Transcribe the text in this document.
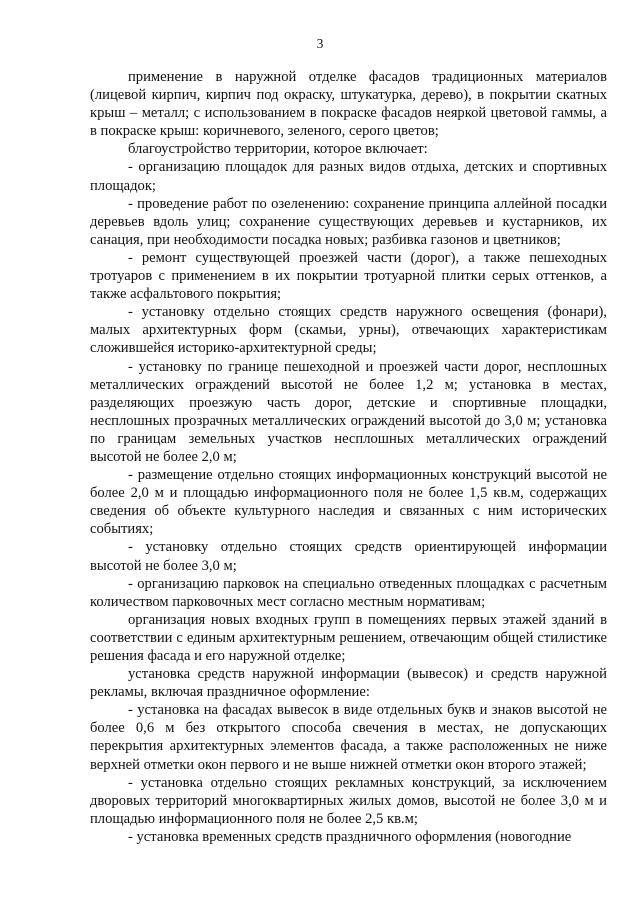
3

применение в наружной отделке фасадов традиционных материалов (лицевой кирпич, кирпич под окраску, штукатурка, дерево), в покрытии скатных крыш – металл; с использованием в покраске фасадов неяркой цветовой гаммы, а в покраске крыш: коричневого, зеленого, серого цветов;

благоустройство территории, которое включает:

- организацию площадок для разных видов отдыха, детских и спортивных площадок;

- проведение работ по озеленению: сохранение принципа аллейной посадки деревьев вдоль улиц; сохранение существующих деревьев и кустарников, их санация, при необходимости посадка новых; разбивка газонов и цветников;

- ремонт существующей проезжей части (дорог), а также пешеходных тротуаров с применением в их покрытии тротуарной плитки серых оттенков, а также асфальтового покрытия;

- установку отдельно стоящих средств наружного освещения (фонари), малых архитектурных форм (скамьи, урны), отвечающих характеристикам сложившейся историко-архитектурной среды;

- установку по границе пешеходной и проезжей части дорог, несплошных металлических ограждений высотой не более 1,2 м; установка в местах, разделяющих проезжую часть дорог, детские и спортивные площадки, несплошных прозрачных металлических ограждений высотой до 3,0 м; установка по границам земельных участков несплошных металлических ограждений высотой не более 2,0 м;

- размещение отдельно стоящих информационных конструкций высотой не более 2,0 м и площадью информационного поля не более 1,5 кв.м, содержащих сведения об объекте культурного наследия и связанных с ним исторических событиях;

- установку отдельно стоящих средств ориентирующей информации высотой не более 3,0 м;

- организацию парковок на специально отведенных площадках с расчетным количеством парковочных мест согласно местным нормативам;

организация новых входных групп в помещениях первых этажей зданий в соответствии с единым архитектурным решением, отвечающим общей стилистике решения фасада и его наружной отделке;

установка средств наружной информации (вывесок) и средств наружной рекламы, включая праздничное оформление:

- установка на фасадах вывесок в виде отдельных букв и знаков высотой не более 0,6 м без открытого способа свечения в местах, не допускающих перекрытия архитектурных элементов фасада, а также расположенных не ниже верхней отметки окон первого и не выше нижней отметки окон второго этажей;

- установка отдельно стоящих рекламных конструкций, за исключением дворовых территорий многоквартирных жилых домов, высотой не более 3,0 м и площадью информационного поля не более 2,5 кв.м;

- установка временных средств праздничного оформления (новогодние
